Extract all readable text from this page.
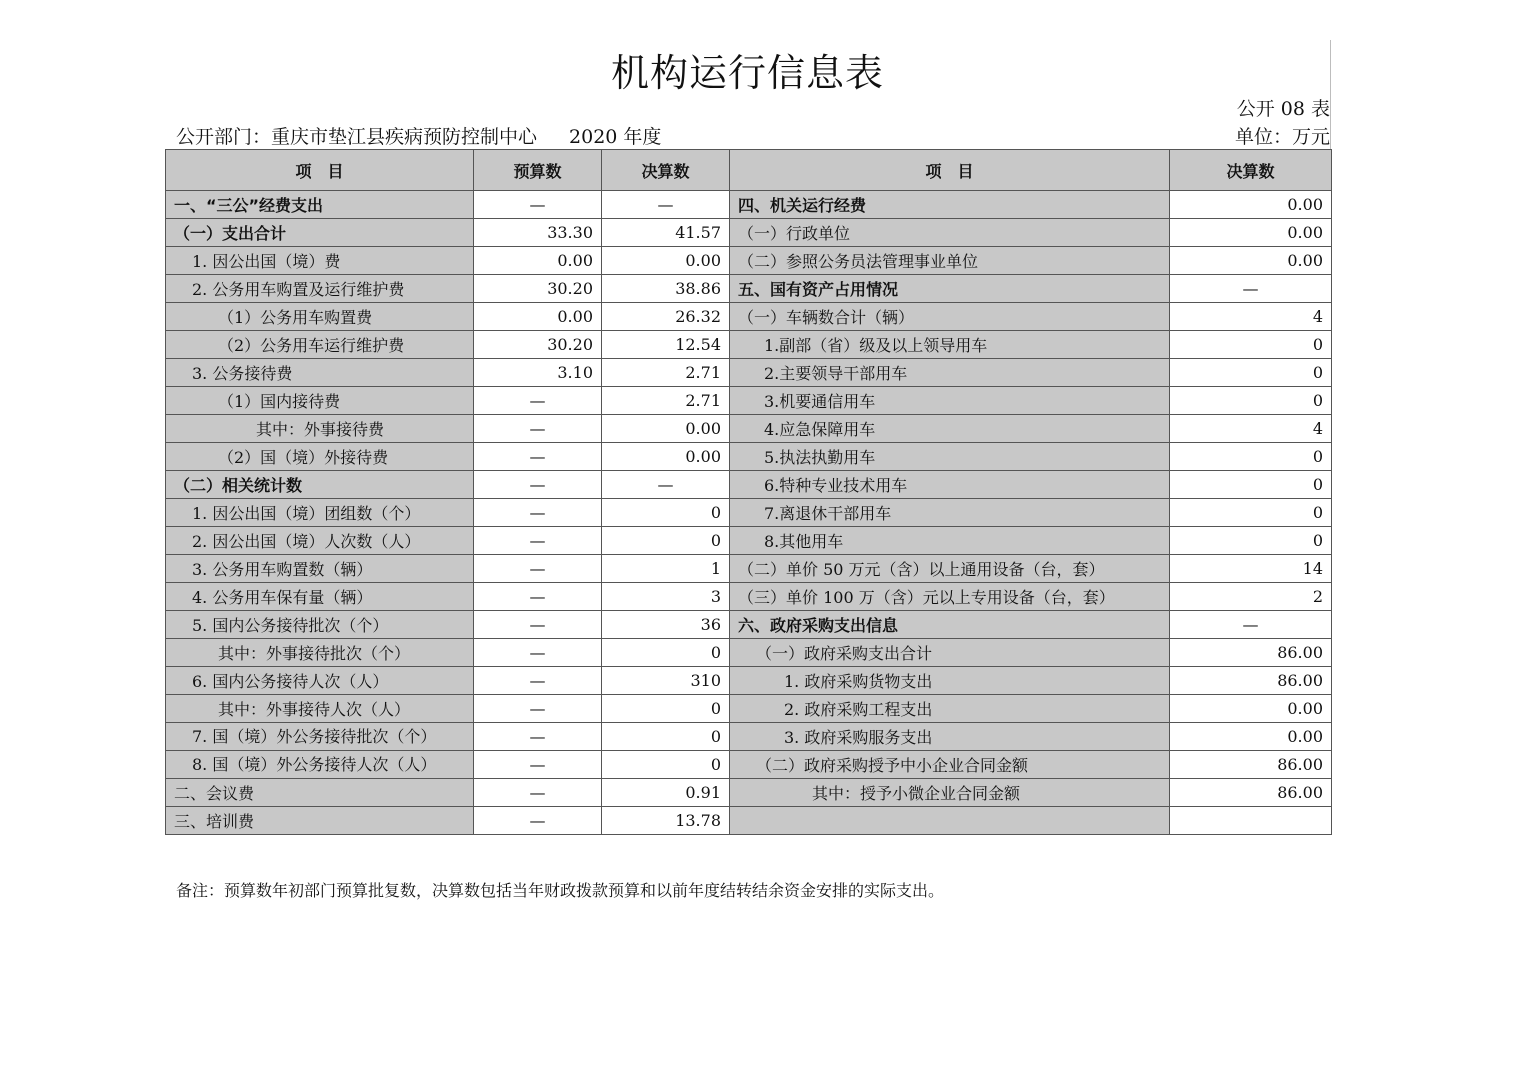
机构运行信息表
公开 08 表
公开部门：重庆市垫江县疾病预防控制中心 2020 年度	单位：万元
项　目	预算数	决算数	项　目	决算数
一、“三公”经费支出	—	—	四、机关运行经费	0.00
（一）支出合计	33.30	41.57	（一）行政单位	0.00
1. 因公出国（境）费	0.00	0.00	（二）参照公务员法管理事业单位	0.00
2. 公务用车购置及运行维护费	30.20	38.86	五、国有资产占用情况	—
（1）公务用车购置费	0.00	26.32	（一）车辆数合计（辆）	4
（2）公务用车运行维护费	30.20	12.54	1.副部（省）级及以上领导用车	0
3. 公务接待费	3.10	2.71	2.主要领导干部用车	0
（1）国内接待费	—	2.71	3.机要通信用车	0
其中：外事接待费	—	0.00	4.应急保障用车	4
（2）国（境）外接待费	—	0.00	5.执法执勤用车	0
（二）相关统计数	—	—	6.特种专业技术用车	0
1. 因公出国（境）团组数（个）	—	0	7.离退休干部用车	0
2. 因公出国（境）人次数（人）	—	0	8.其他用车	0
3. 公务用车购置数（辆）	—	1	（二）单价 50 万元（含）以上通用设备（台，套）	14
4. 公务用车保有量（辆）	—	3	（三）单价 100 万（含）元以上专用设备（台，套）	2
5. 国内公务接待批次（个）	—	36	六、政府采购支出信息	—
其中：外事接待批次（个）	—	0	（一）政府采购支出合计	86.00
6. 国内公务接待人次（人）	—	310	1. 政府采购货物支出	86.00
其中：外事接待人次（人）	—	0	2. 政府采购工程支出	0.00
7. 国（境）外公务接待批次（个）	—	0	3. 政府采购服务支出	0.00
8. 国（境）外公务接待人次（人）	—	0	（二）政府采购授予中小企业合同金额	86.00
二、会议费	—	0.91	其中：授予小微企业合同金额	86.00
三、培训费	—	13.78		
备注：预算数年初部门预算批复数，决算数包括当年财政拨款预算和以前年度结转结余资金安排的实际支出。
